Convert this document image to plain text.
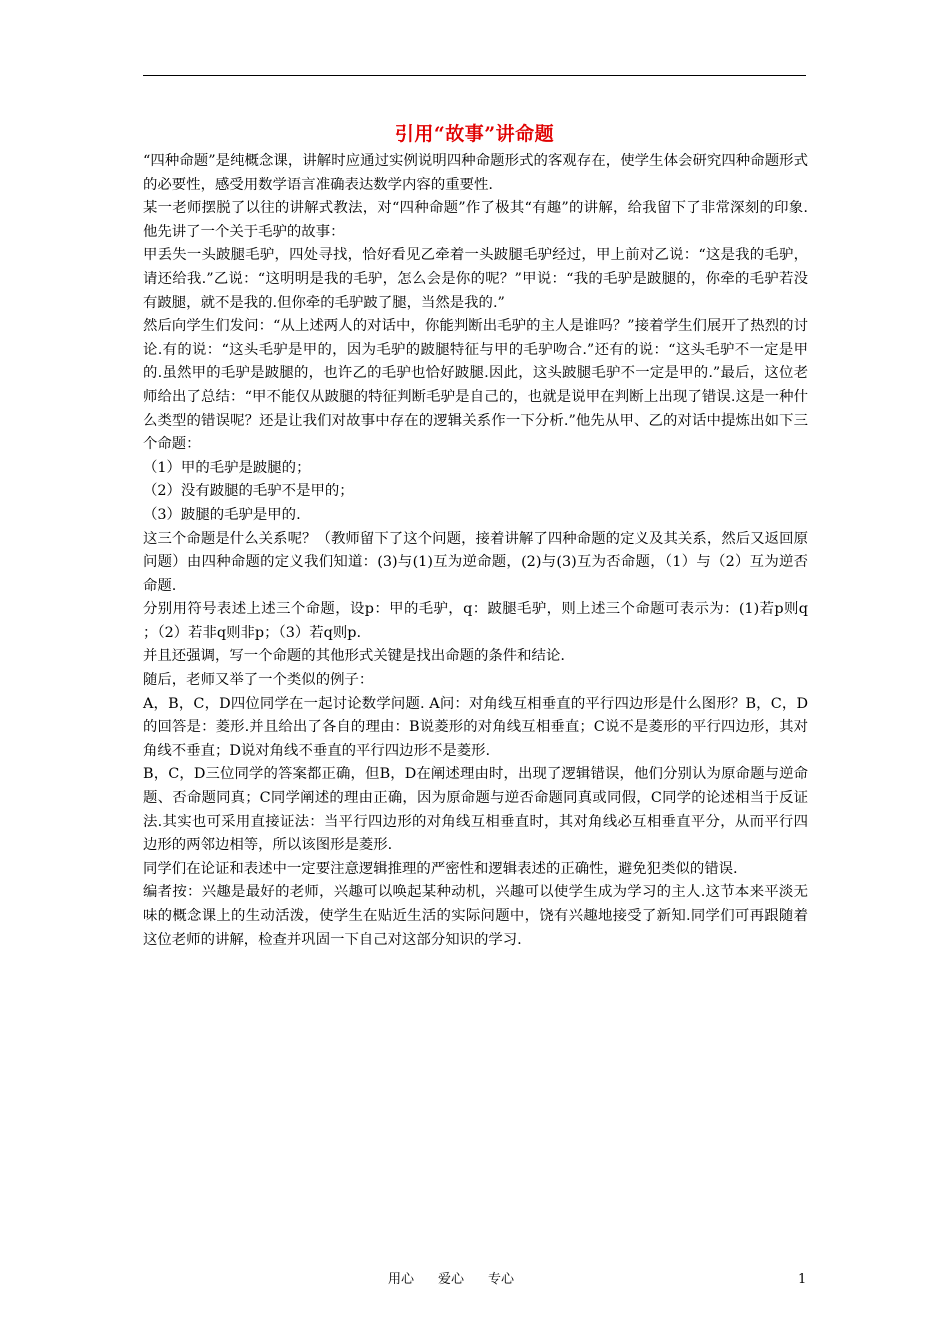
引用“故事”讲命题

“四种命题”是纯概念课，讲解时应通过实例说明四种命题形式的客观存在，使学生体会研究四种命题形式的必要性，感受用数学语言准确表达数学内容的重要性.

某一老师摆脱了以往的讲解式教法，对“四种命题”作了极其“有趣”的讲解，给我留下了非常深刻的印象.他先讲了一个关于毛驴的故事：

甲丢失一头跛腿毛驴，四处寻找，恰好看见乙牵着一头跛腿毛驴经过，甲上前对乙说：“这是我的毛驴，请还给我.”乙说：“这明明是我的毛驴，怎么会是你的呢？”甲说：“我的毛驴是跛腿的，你牵的毛驴若没有跛腿，就不是我的.但你牵的毛驴跛了腿，当然是我的.”

然后向学生们发问：“从上述两人的对话中，你能判断出毛驴的主人是谁吗？”接着学生们展开了热烈的讨论.有的说：“这头毛驴是甲的，因为毛驴的跛腿特征与甲的毛驴吻合.”还有的说：“这头毛驴不一定是甲的.虽然甲的毛驴是跛腿的，也许乙的毛驴也恰好跛腿.因此，这头跛腿毛驴不一定是甲的.”最后，这位老师给出了总结：“甲不能仅从跛腿的特征判断毛驴是自己的，也就是说甲在判断上出现了错误.这是一种什么类型的错误呢？还是让我们对故事中存在的逻辑关系作一下分析.”他先从甲、乙的对话中提炼出如下三个命题：

（1）甲的毛驴是跛腿的；

（2）没有跛腿的毛驴不是甲的；

（3）跛腿的毛驴是甲的.

这三个命题是什么关系呢？（教师留下了这个问题，接着讲解了四种命题的定义及其关系，然后又返回原问题）由四种命题的定义我们知道：(3)与(1)互为逆命题，(2)与(3)互为否命题，（1）与（2）互为逆否命题.

分别用符号表述上述三个命题，设p：甲的毛驴，q：跛腿毛驴，则上述三个命题可表示为：(1)若p则q ；（2）若非q则非p；（3）若q则p.

并且还强调，写一个命题的其他形式关键是找出命题的条件和结论.

随后，老师又举了一个类似的例子：

A，B，C，D四位同学在一起讨论数学问题. A问：对角线互相垂直的平行四边形是什么图形？B，C，D 的回答是：菱形.并且给出了各自的理由：B说菱形的对角线互相垂直；C说不是菱形的平行四边形，其对角线不垂直；D说对角线不垂直的平行四边形不是菱形.

B，C，D三位同学的答案都正确，但B，D在阐述理由时，出现了逻辑错误，他们分别认为原命题与逆命题、否命题同真；C同学阐述的理由正确，因为原命题与逆否命题同真或同假，C同学的论述相当于反证法.其实也可采用直接证法：当平行四边形的对角线互相垂直时，其对角线必互相垂直平分，从而平行四边形的两邻边相等，所以该图形是菱形.

同学们在论证和表述中一定要注意逻辑推理的严密性和逻辑表述的正确性，避免犯类似的错误.

编者按：兴趣是最好的老师，兴趣可以唤起某种动机，兴趣可以使学生成为学习的主人.这节本来平淡无味的概念课上的生动活泼，使学生在贴近生活的实际问题中，饶有兴趣地接受了新知.同学们可再跟随着这位老师的讲解，检查并巩固一下自己对这部分知识的学习.

用心 爱心 专心	1
